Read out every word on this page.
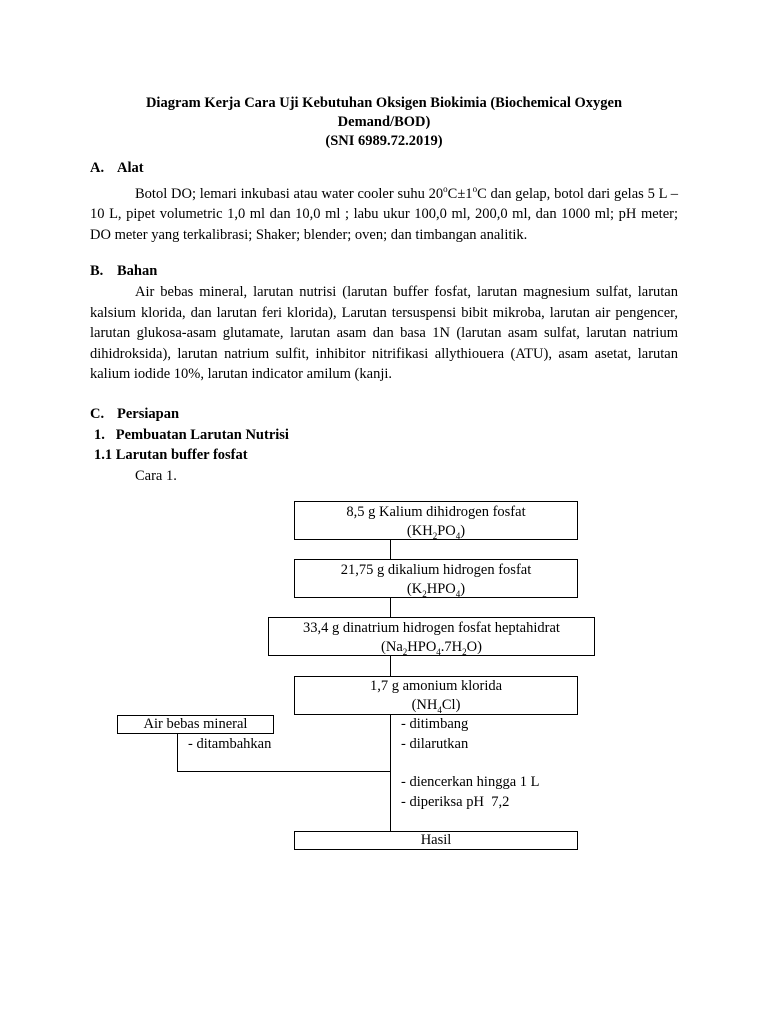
Diagram Kerja Cara Uji Kebutuhan Oksigen Biokimia (Biochemical Oxygen
Demand/BOD)
(SNI 6989.72.2019)
A. Alat
Botol DO; lemari inkubasi atau water cooler suhu $20^oC\pm 1^oC$ dan gelap, botol dari gelas 5 L – 10 L, pipet volumetric 1,0 ml dan 10,0 ml ; labu ukur 100,0 ml, 200,0 ml, dan 1000 ml; pH meter; DO meter yang terkalibrasi; Shaker; blender; oven; dan timbangan analitik.
B. Bahan
Air bebas mineral, larutan nutrisi (larutan buffer fosfat, larutan magnesium sulfat, larutan kalsium klorida, dan larutan feri klorida), Larutan tersuspensi bibit mikroba, larutan air pengencer, larutan glukosa-asam glutamate, larutan asam dan basa 1N (larutan asam sulfat, larutan natrium dihidroksida), larutan natrium sulfit, inhibitor nitrifikasi allythiouera (ATU), asam asetat, larutan kalium iodide 10%, larutan indicator amilum (kanji.
C. Persiapan
1.   Pembuatan Larutan Nutrisi
1.1 Larutan buffer fosfat
Cara 1.
8,5 g Kalium dihidrogen fosfat
$(KH_2PO_4)$
21,75 g dikalium hidrogen fosfat
$(K_2HPO_4)$
33,4 g dinatrium hidrogen fosfat heptahidrat
$(Na_2HPO_4.7H_2O)$
1,7 g amonium klorida
$(NH_4Cl)$
Air bebas mineral
- ditambahkan
- ditimbang
- dilarutkan
- diencerkan hingga 1 L
- diperiksa pH  7,2
Hasil
